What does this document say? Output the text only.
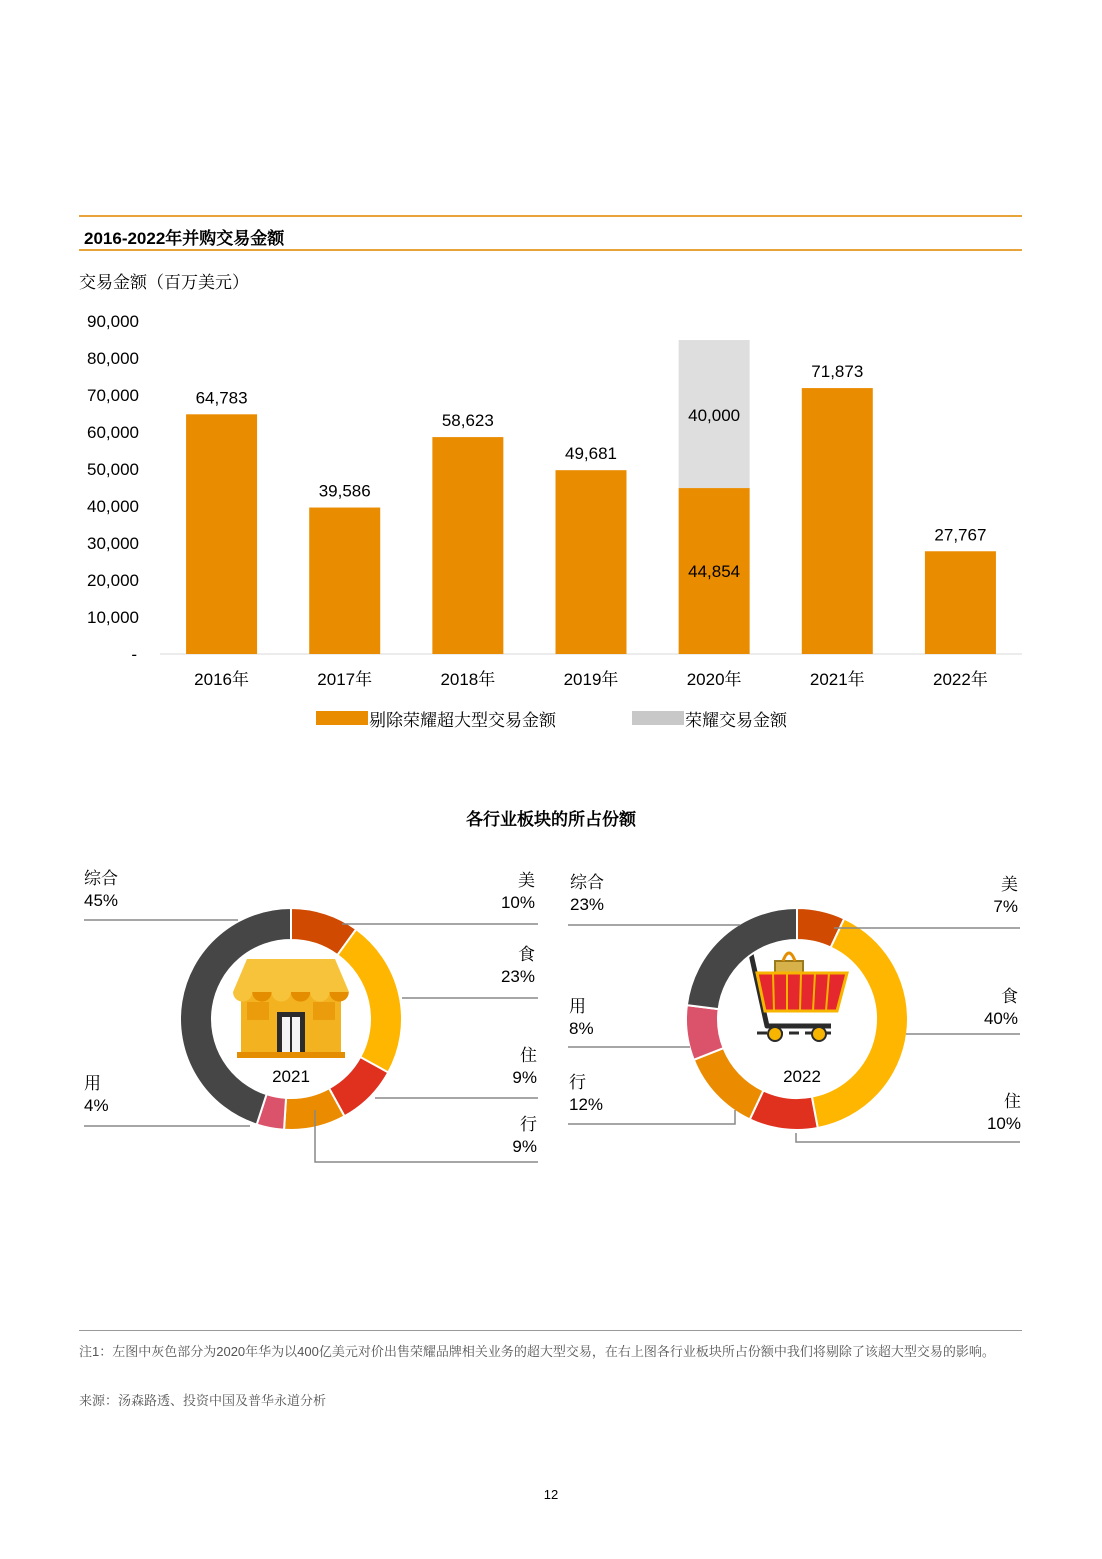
2016-2022年并购交易金额
交易金额（百万美元）
-
10,000
20,000
30,000
40,000
50,000
60,000
70,000
80,000
90,000
64,783
2016年
39,586
2017年
58,623
2018年
49,681
2019年
40,000
44,854
2020年
71,873
2021年
27,767
2022年
剔除荣耀超大型交易金额	荣耀交易金额
各行业板块的所占份额
2021
美
10%
食
23%
住
9%
行
9%
用
4%
综合
45%
2022
美
7%
食
40%
住
10%
行
12%
用
8%
综合
23%
注1：左图中灰色部分为2020年华为以400亿美元对价出售荣耀品牌相关业务的超大型交易，在右上图各行业板块所占份额中我们将剔除了该超大型交易的影响。
来源：汤森路透、投资中国及普华永道分析
12
